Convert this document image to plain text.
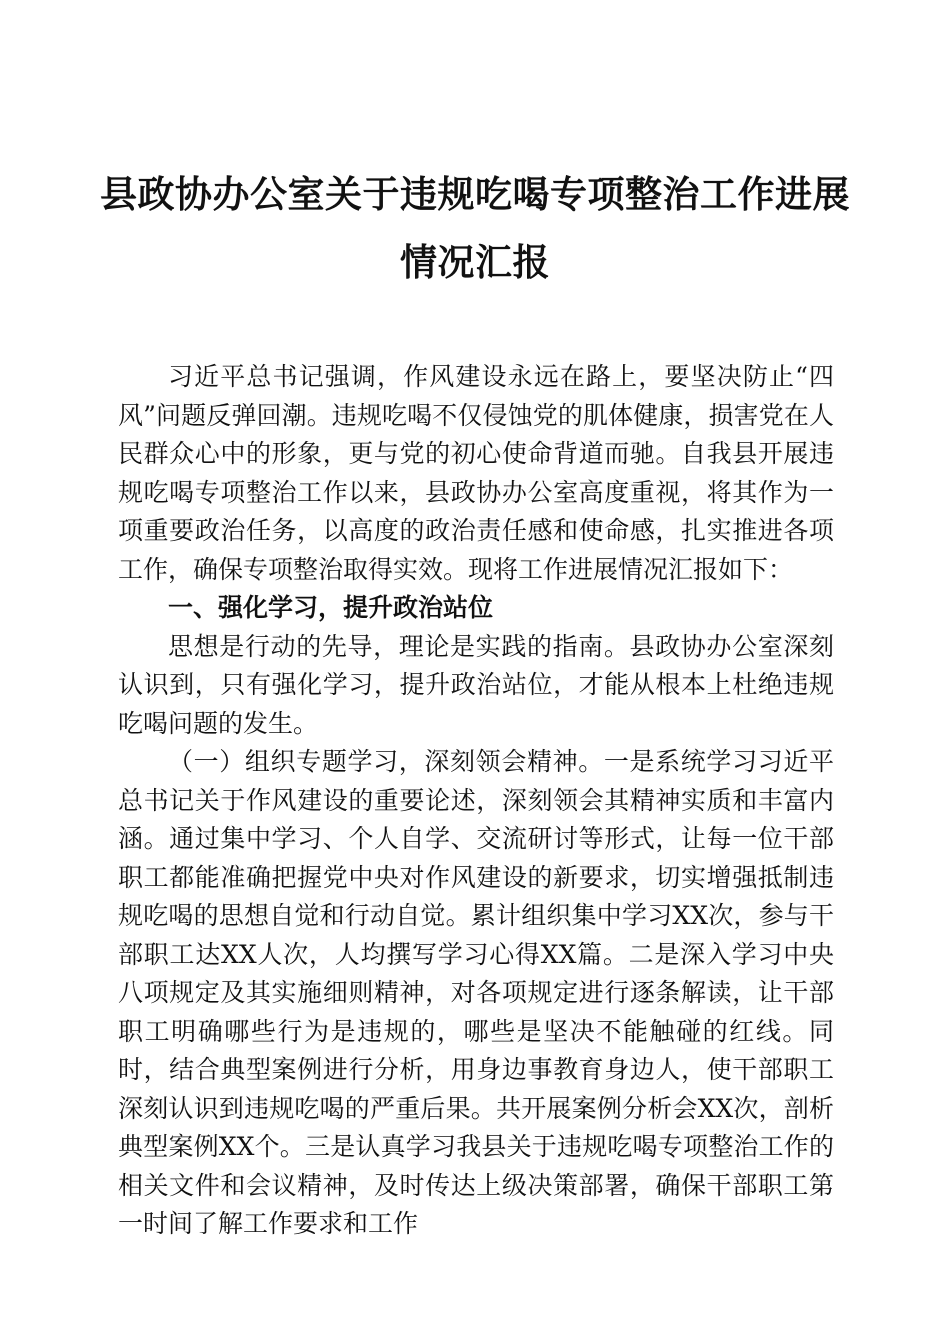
县政协办公室关于违规吃喝专项整治工作进展
情况汇报

习近平总书记强调，作风建设永远在路上，要坚决防止“四风”问题反弹回潮。违规吃喝不仅侵蚀党的肌体健康，损害党在人民群众心中的形象，更与党的初心使命背道而驰。自我县开展违规吃喝专项整治工作以来，县政协办公室高度重视，将其作为一项重要政治任务，以高度的政治责任感和使命感，扎实推进各项工作，确保专项整治取得实效。现将工作进展情况汇报如下：

一、强化学习，提升政治站位

思想是行动的先导，理论是实践的指南。县政协办公室深刻认识到，只有强化学习，提升政治站位，才能从根本上杜绝违规吃喝问题的发生。

（一）组织专题学习，深刻领会精神。一是系统学习习近平总书记关于作风建设的重要论述，深刻领会其精神实质和丰富内涵。通过集中学习、个人自学、交流研讨等形式，让每一位干部职工都能准确把握党中央对作风建设的新要求，切实增强抵制违规吃喝的思想自觉和行动自觉。累计组织集中学习XX次，参与干部职工达XX人次，人均撰写学习心得XX篇。二是深入学习中央八项规定及其实施细则精神，对各项规定进行逐条解读，让干部职工明确哪些行为是违规的，哪些是坚决不能触碰的红线。同时，结合典型案例进行分析，用身边事教育身边人，使干部职工深刻认识到违规吃喝的严重后果。共开展案例分析会XX次，剖析典型案例XX个。三是认真学习我县关于违规吃喝专项整治工作的相关文件和会议精神，及时传达上级决策部署，确保干部职工第一时间了解工作要求和工作
